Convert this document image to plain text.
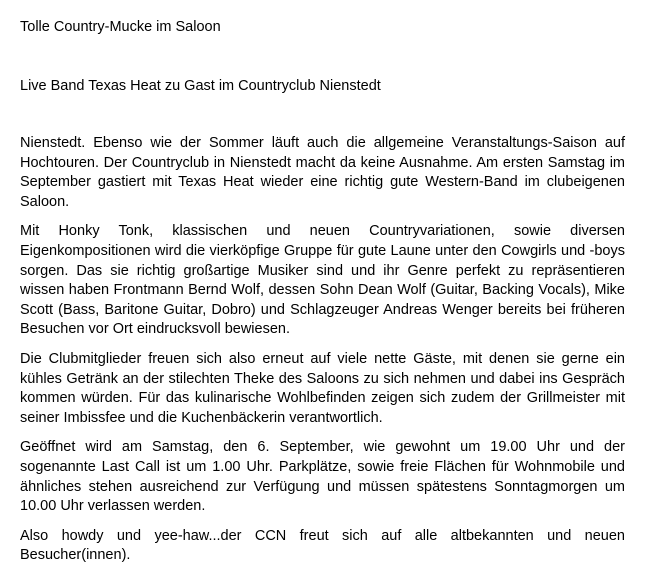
Tolle Country-Mucke im Saloon
Live Band Texas Heat zu Gast im Countryclub Nienstedt

Nienstedt. Ebenso wie der Sommer läuft auch die allgemeine Veranstaltungs-Saison auf Hochtouren. Der Countryclub in Nienstedt macht da keine Ausnahme. Am ersten Samstag im September gastiert mit Texas Heat wieder eine richtig gute Western-Band im clubeigenen Saloon.

Mit Honky Tonk, klassischen und neuen Countryvariationen, sowie diversen Eigenkompositionen wird die vierköpfige Gruppe für gute Laune unter den Cowgirls und -boys sorgen. Das sie richtig großartige Musiker sind und ihr Genre perfekt zu repräsentieren wissen haben Frontmann Bernd Wolf, dessen Sohn Dean Wolf (Guitar, Backing Vocals), Mike Scott (Bass, Baritone Guitar, Dobro) und Schlagzeuger Andreas Wenger bereits bei früheren Besuchen vor Ort eindrucksvoll bewiesen.

Die Clubmitglieder freuen sich also erneut auf viele nette Gäste, mit denen sie gerne ein kühles Getränk an der stilechten Theke des Saloons zu sich nehmen und dabei ins Gespräch kommen würden. Für das kulinarische Wohlbefinden zeigen sich zudem der Grillmeister mit seiner Imbissfee und die Kuchenbäckerin verantwortlich.

Geöffnet wird am Samstag, den 6. September, wie gewohnt um 19.00 Uhr und der sogenannte Last Call ist um 1.00 Uhr. Parkplätze, sowie freie Flächen für Wohnmobile und ähnliches stehen ausreichend zur Verfügung und müssen spätestens Sonntagmorgen um 10.00 Uhr verlassen werden.

Also howdy und yee-haw...der CCN freut sich auf alle altbekannten und neuen Besucher(innen).
